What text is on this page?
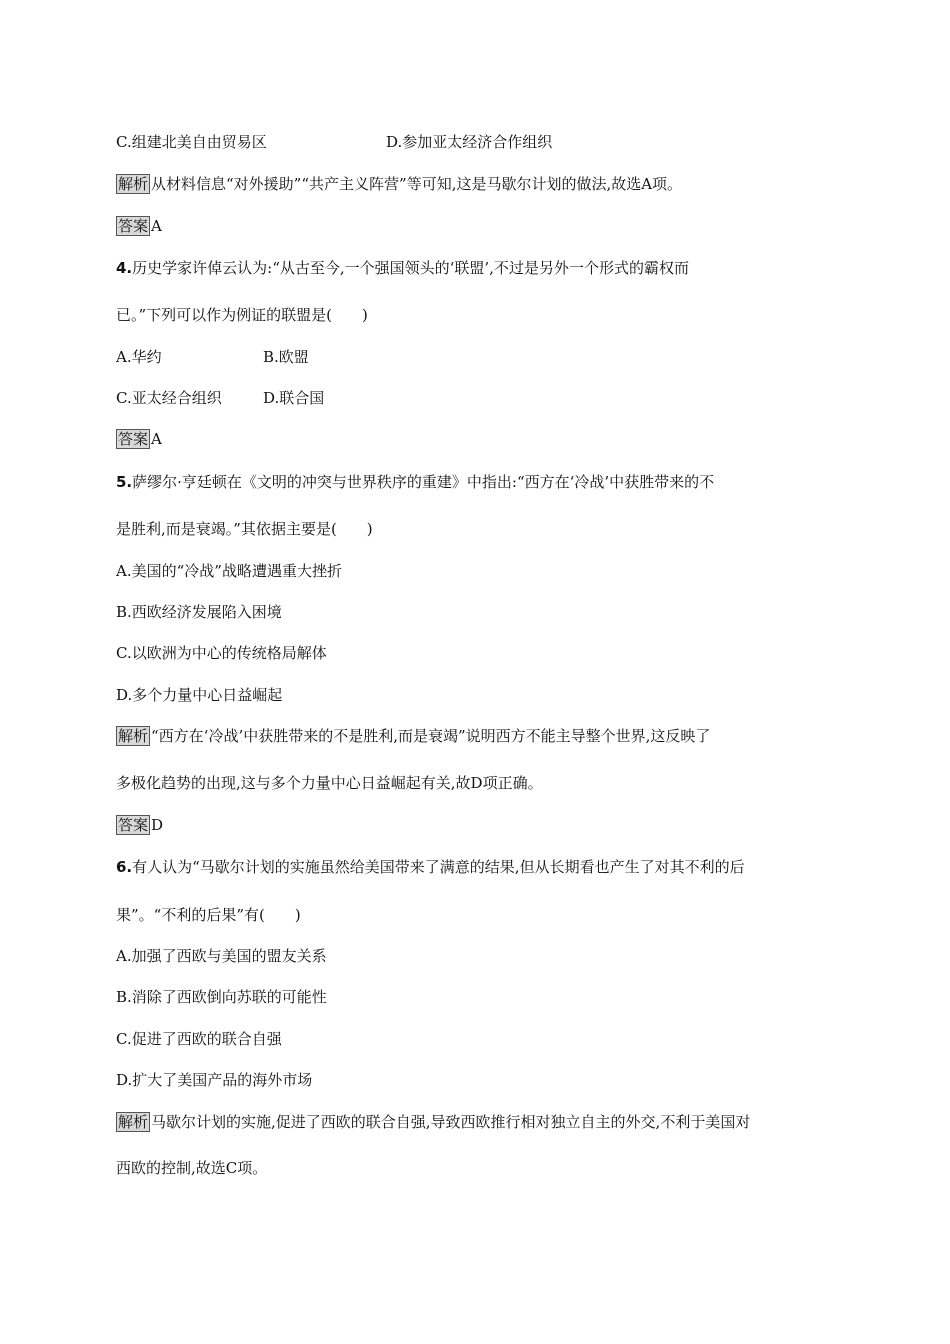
C.组建北美自由贸易区	D.参加亚太经济合作组织
解析 从材料信息“对外援助”“共产主义阵营”等可知,这是马歇尔计划的做法,故选A项。
答案 A
4.历史学家许倬云认为:“从古至今,一个强国领头的‘联盟’,不过是另外一个形式的霸权而
已。”下列可以作为例证的联盟是(　　)
A.华约	B.欧盟
C.亚太经合组织	D.联合国
答案 A
5.萨缪尔·亨廷顿在《文明的冲突与世界秩序的重建》中指出:“西方在‘冷战’中获胜带来的不
是胜利,而是衰竭。”其依据主要是(　　)
A.美国的“冷战”战略遭遇重大挫折
B.西欧经济发展陷入困境
C.以欧洲为中心的传统格局解体
D.多个力量中心日益崛起
解析 “西方在‘冷战’中获胜带来的不是胜利,而是衰竭”说明西方不能主导整个世界,这反映了
多极化趋势的出现,这与多个力量中心日益崛起有关,故D项正确。
答案 D
6.有人认为“马歇尔计划的实施虽然给美国带来了满意的结果,但从长期看也产生了对其不利的后
果”。“不利的后果”有(　　)
A.加强了西欧与美国的盟友关系
B.消除了西欧倒向苏联的可能性
C.促进了西欧的联合自强
D.扩大了美国产品的海外市场
解析 马歇尔计划的实施,促进了西欧的联合自强,导致西欧推行相对独立自主的外交,不利于美国对
西欧的控制,故选C项。
